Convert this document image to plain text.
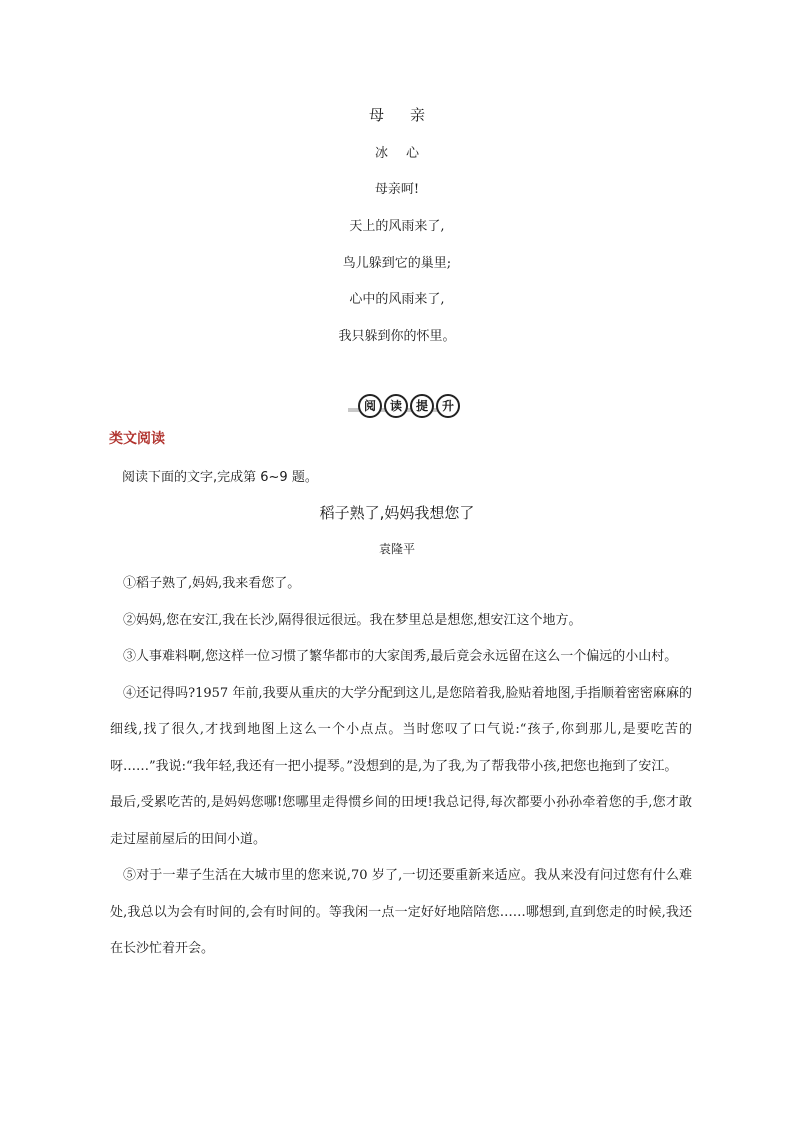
母亲
冰心
母亲呵!
天上的风雨来了,
鸟儿躲到它的巢里;
心中的风雨来了,
我只躲到你的怀里。
阅	读	提	升
类文阅读
阅读下面的文字,完成第 6~9 题。
稻子熟了,妈妈我想您了
袁隆平

①稻子熟了,妈妈,我来看您了。

②妈妈,您在安江,我在长沙,隔得很远很远。我在梦里总是想您,想安江这个地方。

③人事难料啊,您这样一位习惯了繁华都市的大家闺秀,最后竟会永远留在这么一个偏远的小山村。

④还记得吗?1957 年前,我要从重庆的大学分配到这儿,是您陪着我,脸贴着地图,手指顺着密密麻麻的细线,找了很久,才找到地图上这么一个小点点。当时您叹了口气说:“孩子,你到那儿,是要吃苦的呀……”我说:“我年轻,我还有一把小提琴。”没想到的是,为了我,为了帮我带小孩,把您也拖到了安江。

最后,受累吃苦的,是妈妈您哪!您哪里走得惯乡间的田埂!我总记得,每次都要小孙孙牵着您的手,您才敢走过屋前屋后的田间小道。

⑤对于一辈子生活在大城市里的您来说,70 岁了,一切还要重新来适应。我从来没有问过您有什么难处,我总以为会有时间的,会有时间的。等我闲一点一定好好地陪陪您……哪想到,直到您走的时候,我还在长沙忙着开会。
